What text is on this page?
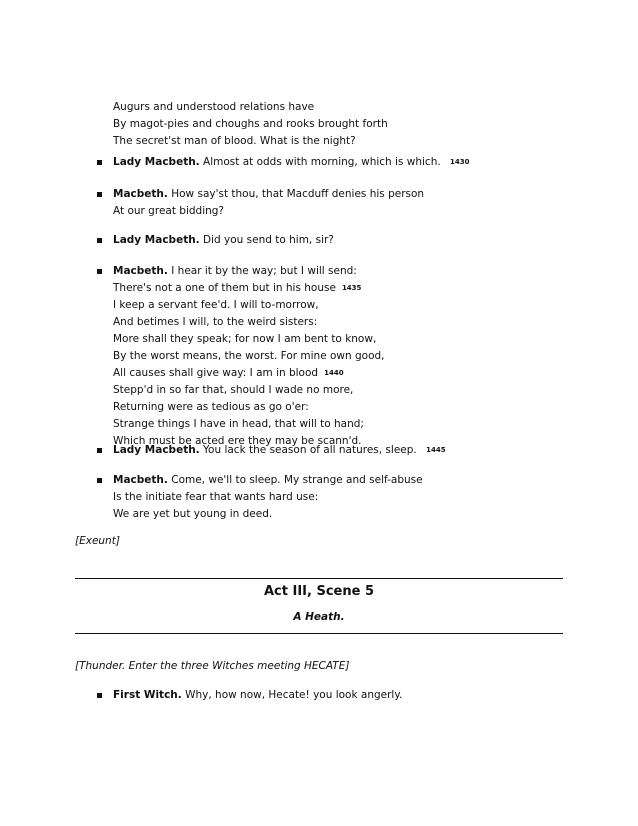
Augurs and understood relations have
By magot-pies and choughs and rooks brought forth
The secret'st man of blood. What is the night?
Lady Macbeth. Almost at odds with morning, which is which. 1430
Macbeth. How say'st thou, that Macduff denies his person
At our great bidding?
Lady Macbeth. Did you send to him, sir?
Macbeth. I hear it by the way; but I will send:
There's not a one of them but in his house 1435
I keep a servant fee'd. I will to-morrow,
And betimes I will, to the weird sisters:
More shall they speak; for now I am bent to know,
By the worst means, the worst. For mine own good,
All causes shall give way: I am in blood 1440
Stepp'd in so far that, should I wade no more,
Returning were as tedious as go o'er:
Strange things I have in head, that will to hand;
Which must be acted ere they may be scann'd.
Lady Macbeth. You lack the season of all natures, sleep. 1445
Macbeth. Come, we'll to sleep. My strange and self-abuse
Is the initiate fear that wants hard use:
We are yet but young in deed.
[Exeunt]
Act III, Scene 5
A Heath.
[Thunder. Enter the three Witches meeting HECATE]
First Witch. Why, how now, Hecate! you look angerly.
